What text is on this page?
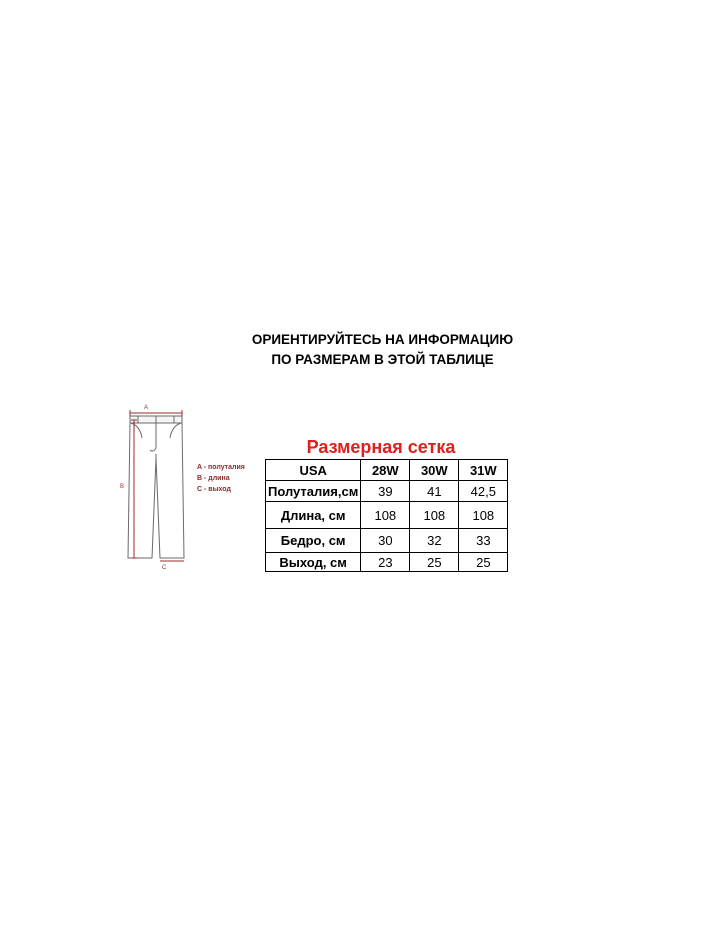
ОРИЕНТИРУЙТЕСЬ НА ИНФОРМАЦИЮ
ПО РАЗМЕРАМ В ЭТОЙ ТАБЛИЦЕ
A
B
C
A - полуталия
B - длина
C - выход
Размерная сетка
USA	28W	30W	31W
Полуталия,см	39	41	42,5
Длина, см	108	108	108
Бедро, см	30	32	33
Выход, см	23	25	25
